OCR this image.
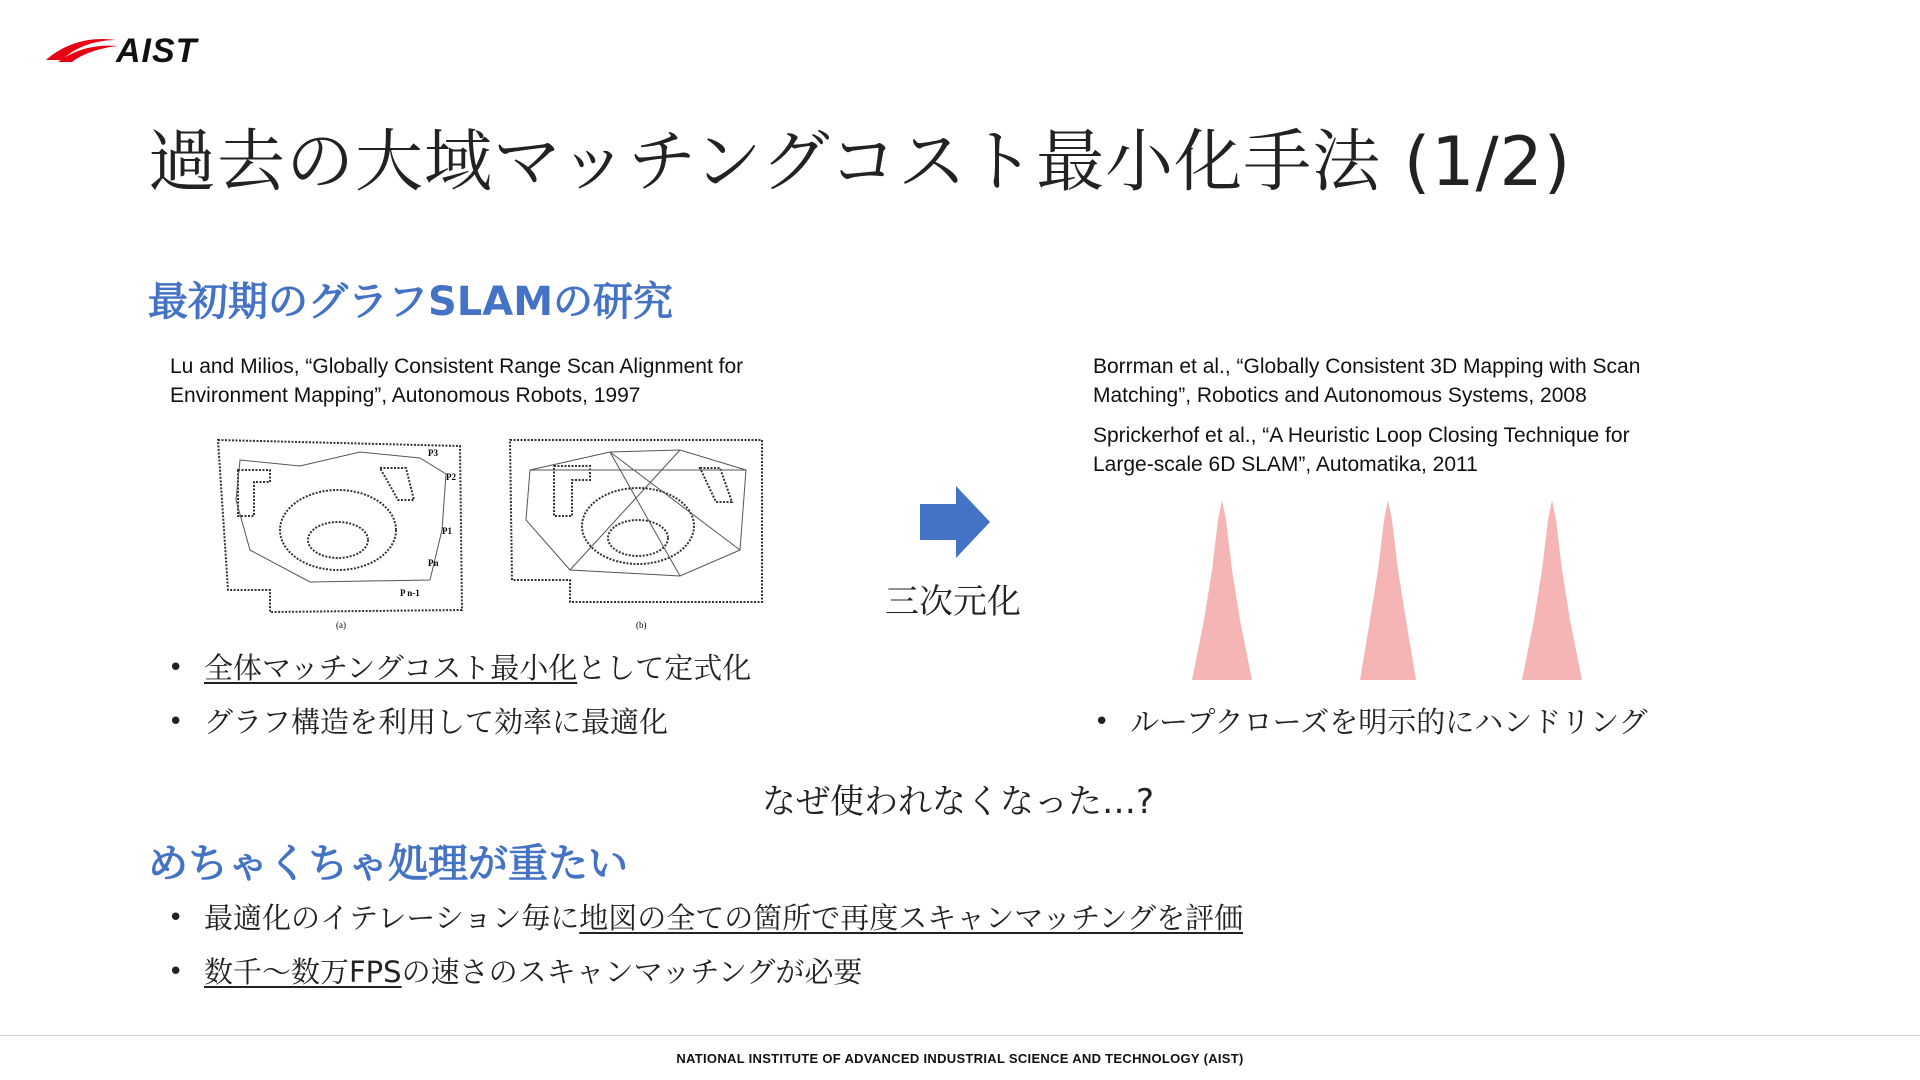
AIST
過去の大域マッチングコスト最小化手法 (1/2)
最初期のグラフSLAMの研究
Lu and Milios, “Globally Consistent Range Scan Alignment for
Environment Mapping”, Autonomous Robots, 1997
Borrman et al., “Globally Consistent 3D Mapping with Scan
Matching”, Robotics and Autonomous Systems, 2008
Sprickerhof et al., “A Heuristic Loop Closing Technique for
Large-scale 6D SLAM”, Automatika, 2011
P3
P2
P1
Pn
P n-1
(a)	(b)
三次元化
• 全体マッチングコスト最小化として定式化
• グラフ構造を利用して効率に最適化
•	ループクローズを明示的にハンドリング
なぜ使われなくなった…?
めちゃくちゃ処理が重たい
• 最適化のイテレーション毎に地図の全ての箇所で再度スキャンマッチングを評価
• 数千～数万FPSの速さのスキャンマッチングが必要
NATIONAL INSTITUTE OF ADVANCED INDUSTRIAL SCIENCE AND TECHNOLOGY (AIST)
